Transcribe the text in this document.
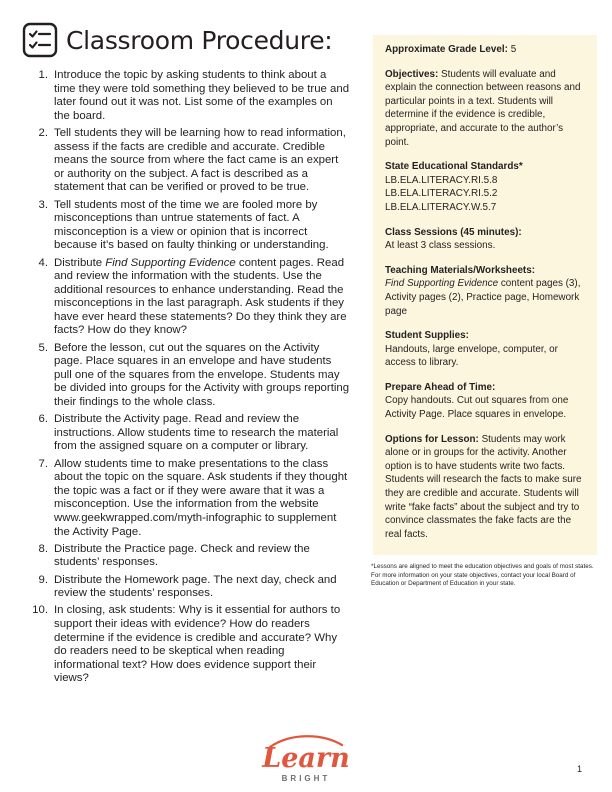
Classroom Procedure:
1. Introduce the topic by asking students to think about a time they were told something they believed to be true and later found out it was not. List some of the examples on the board.
2. Tell students they will be learning how to read information, assess if the facts are credible and accurate. Credible means the source from where the fact came is an expert or authority on the subject. A fact is described as a statement that can be verified or proved to be true.
3. Tell students most of the time we are fooled more by misconceptions than untrue statements of fact. A misconception is a view or opinion that is incorrect because it’s based on faulty thinking or understanding.
4. Distribute Find Supporting Evidence content pages. Read and review the information with the students. Use the additional resources to enhance understanding. Read the misconceptions in the last paragraph. Ask students if they have ever heard these statements? Do they think they are facts? How do they know?
5. Before the lesson, cut out the squares on the Activity page. Place squares in an envelope and have students pull one of the squares from the envelope. Students may be divided into groups for the Activity with groups reporting their findings to the whole class.
6. Distribute the Activity page. Read and review the instructions. Allow students time to research the material from the assigned square on a computer or library.
7. Allow students time to make presentations to the class about the topic on the square. Ask students if they thought the topic was a fact or if they were aware that it was a misconception. Use the information from the website www.geekwrapped.com/myth-infographic to supplement the Activity Page.
8. Distribute the Practice page. Check and review the students’ responses.
9. Distribute the Homework page. The next day, check and review the students’ responses.
10. In closing, ask students: Why is it essential for authors to support their ideas with evidence? How do readers determine if the evidence is credible and accurate? Why do readers need to be skeptical when reading informational text? How does evidence support their views?
Approximate Grade Level: 5
Objectives: Students will evaluate and explain the connection between reasons and particular points in a text. Students will determine if the evidence is credible, appropriate, and accurate to the author’s point.
State Educational Standards*
LB.ELA.LITERACY.RI.5.8
LB.ELA.LITERACY.RI.5.2
LB.ELA.LITERACY.W.5.7
Class Sessions (45 minutes):
At least 3 class sessions.
Teaching Materials/Worksheets:
Find Supporting Evidence content pages (3), Activity pages (2), Practice page, Homework page
Student Supplies:
Handouts, large envelope, computer, or access to library.
Prepare Ahead of Time:
Copy handouts. Cut out squares from one Activity Page. Place squares in envelope.
Options for Lesson: Students may work alone or in groups for the activity. Another option is to have students write two facts. Students will research the facts to make sure they are credible and accurate. Students will write “fake facts” about the subject and try to convince classmates the fake facts are the real facts.

*Lessons are aligned to meet the education objectives and goals of most states. For more information on your state objectives, contact your local Board of Education or Department of Education in your state.

Learn
BRIGHT
1
